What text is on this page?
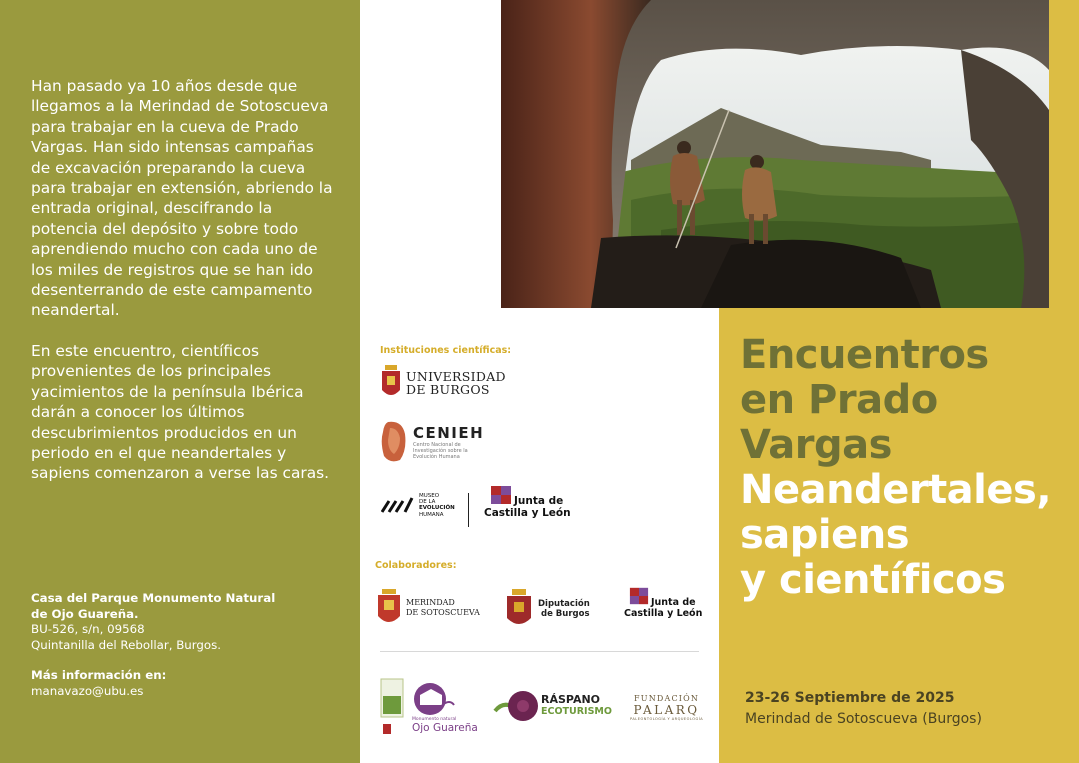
Han pasado ya 10 años desde que llegamos a la Merindad de Sotoscueva para trabajar en la cueva de Prado Vargas. Han sido intensas campañas de excavación preparando la cueva para trabajar en extensión, abriendo la entrada original, descifrando la potencia del depósito y sobre todo aprendiendo mucho con cada uno de los miles de registros que se han ido desenterrando de este campamento neandertal.

En este encuentro, científicos provenientes de los principales yacimientos de la península Ibérica darán a conocer los últimos descubrimientos producidos en un periodo en el que neandertales y sapiens comenzaron a verse las caras.

Casa del Parque Monumento Natural
de Ojo Guareña.
BU-526, s/n, 09568
Quintanilla del Rebollar, Burgos.
Más información en:
manavazo@ubu.es
Instituciones científicas:
UNIVERSIDAD
DE BURGOS
CENIEH
Centro Nacional de Investigación sobre la Evolución Humana
MUSEO
DE LA
EVOLUCIÓN
HUMANA
Junta de
Castilla y León
Colaboradores:
MERINDAD
DE SOTOSCUEVA
Diputación
de Burgos
Junta de
Castilla y León
Monumento natural
Ojo Guareña
RÁSPANO
ECOTURISMO
FUNDACIÓN
PALARQ
PALEONTOLOGÍA Y ARQUEOLOGÍA
Encuentros
en Prado
Vargas
Neandertales,
sapiens
y científicos
23-26 Septiembre de 2025
Merindad de Sotoscueva (Burgos)
